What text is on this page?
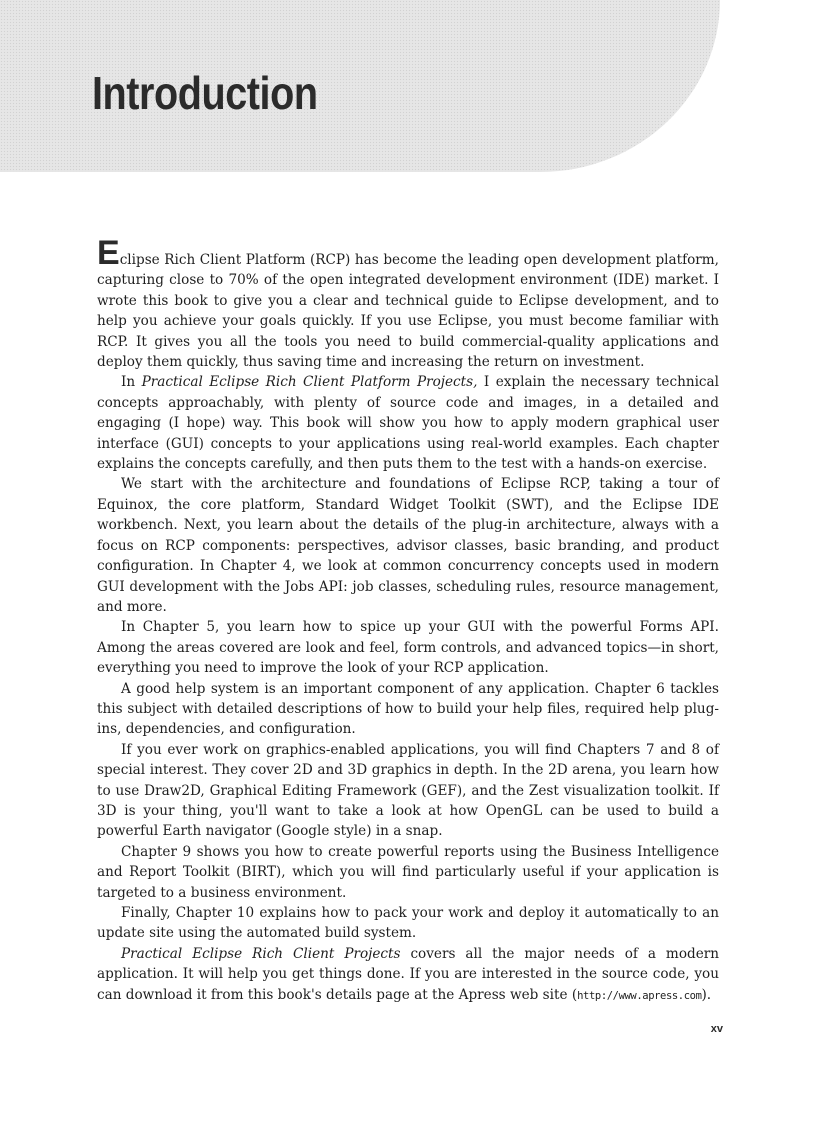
Introduction

Eclipse Rich Client Platform (RCP) has become the leading open development platform, capturing close to 70% of the open integrated development environment (IDE) market. I wrote this book to give you a clear and technical guide to Eclipse development, and to help you achieve your goals quickly. If you use Eclipse, you must become familiar with RCP. It gives you all the tools you need to build commercial-quality applications and deploy them quickly, thus saving time and increasing the return on investment.

In Practical Eclipse Rich Client Platform Projects, I explain the necessary technical concepts approachably, with plenty of source code and images, in a detailed and engaging (I hope) way. This book will show you how to apply modern graphical user interface (GUI) concepts to your applications using real-world examples. Each chapter explains the concepts carefully, and then puts them to the test with a hands-on exercise.

We start with the architecture and foundations of Eclipse RCP, taking a tour of Equinox, the core platform, Standard Widget Toolkit (SWT), and the Eclipse IDE workbench. Next, you learn about the details of the plug-in architecture, always with a focus on RCP components: perspectives, advisor classes, basic branding, and product configuration. In Chapter 4, we look at common concurrency concepts used in modern GUI development with the Jobs API: job classes, scheduling rules, resource management, and more.

In Chapter 5, you learn how to spice up your GUI with the powerful Forms API. Among the areas covered are look and feel, form controls, and advanced topics—in short, everything you need to improve the look of your RCP application.

A good help system is an important component of any application. Chapter 6 tackles this subject with detailed descriptions of how to build your help files, required help plug-ins, dependencies, and configuration.

If you ever work on graphics-enabled applications, you will find Chapters 7 and 8 of special interest. They cover 2D and 3D graphics in depth. In the 2D arena, you learn how to use Draw2D, Graphical Editing Framework (GEF), and the Zest visualization toolkit. If 3D is your thing, you'll want to take a look at how OpenGL can be used to build a powerful Earth navigator (Google style) in a snap.

Chapter 9 shows you how to create powerful reports using the Business Intelligence and Report Toolkit (BIRT), which you will find particularly useful if your application is targeted to a business environment.

Finally, Chapter 10 explains how to pack your work and deploy it automatically to an update site using the automated build system.

Practical Eclipse Rich Client Projects covers all the major needs of a modern application. It will help you get things done. If you are interested in the source code, you can download it from this book's details page at the Apress web site (http://www.apress.com).

xv
